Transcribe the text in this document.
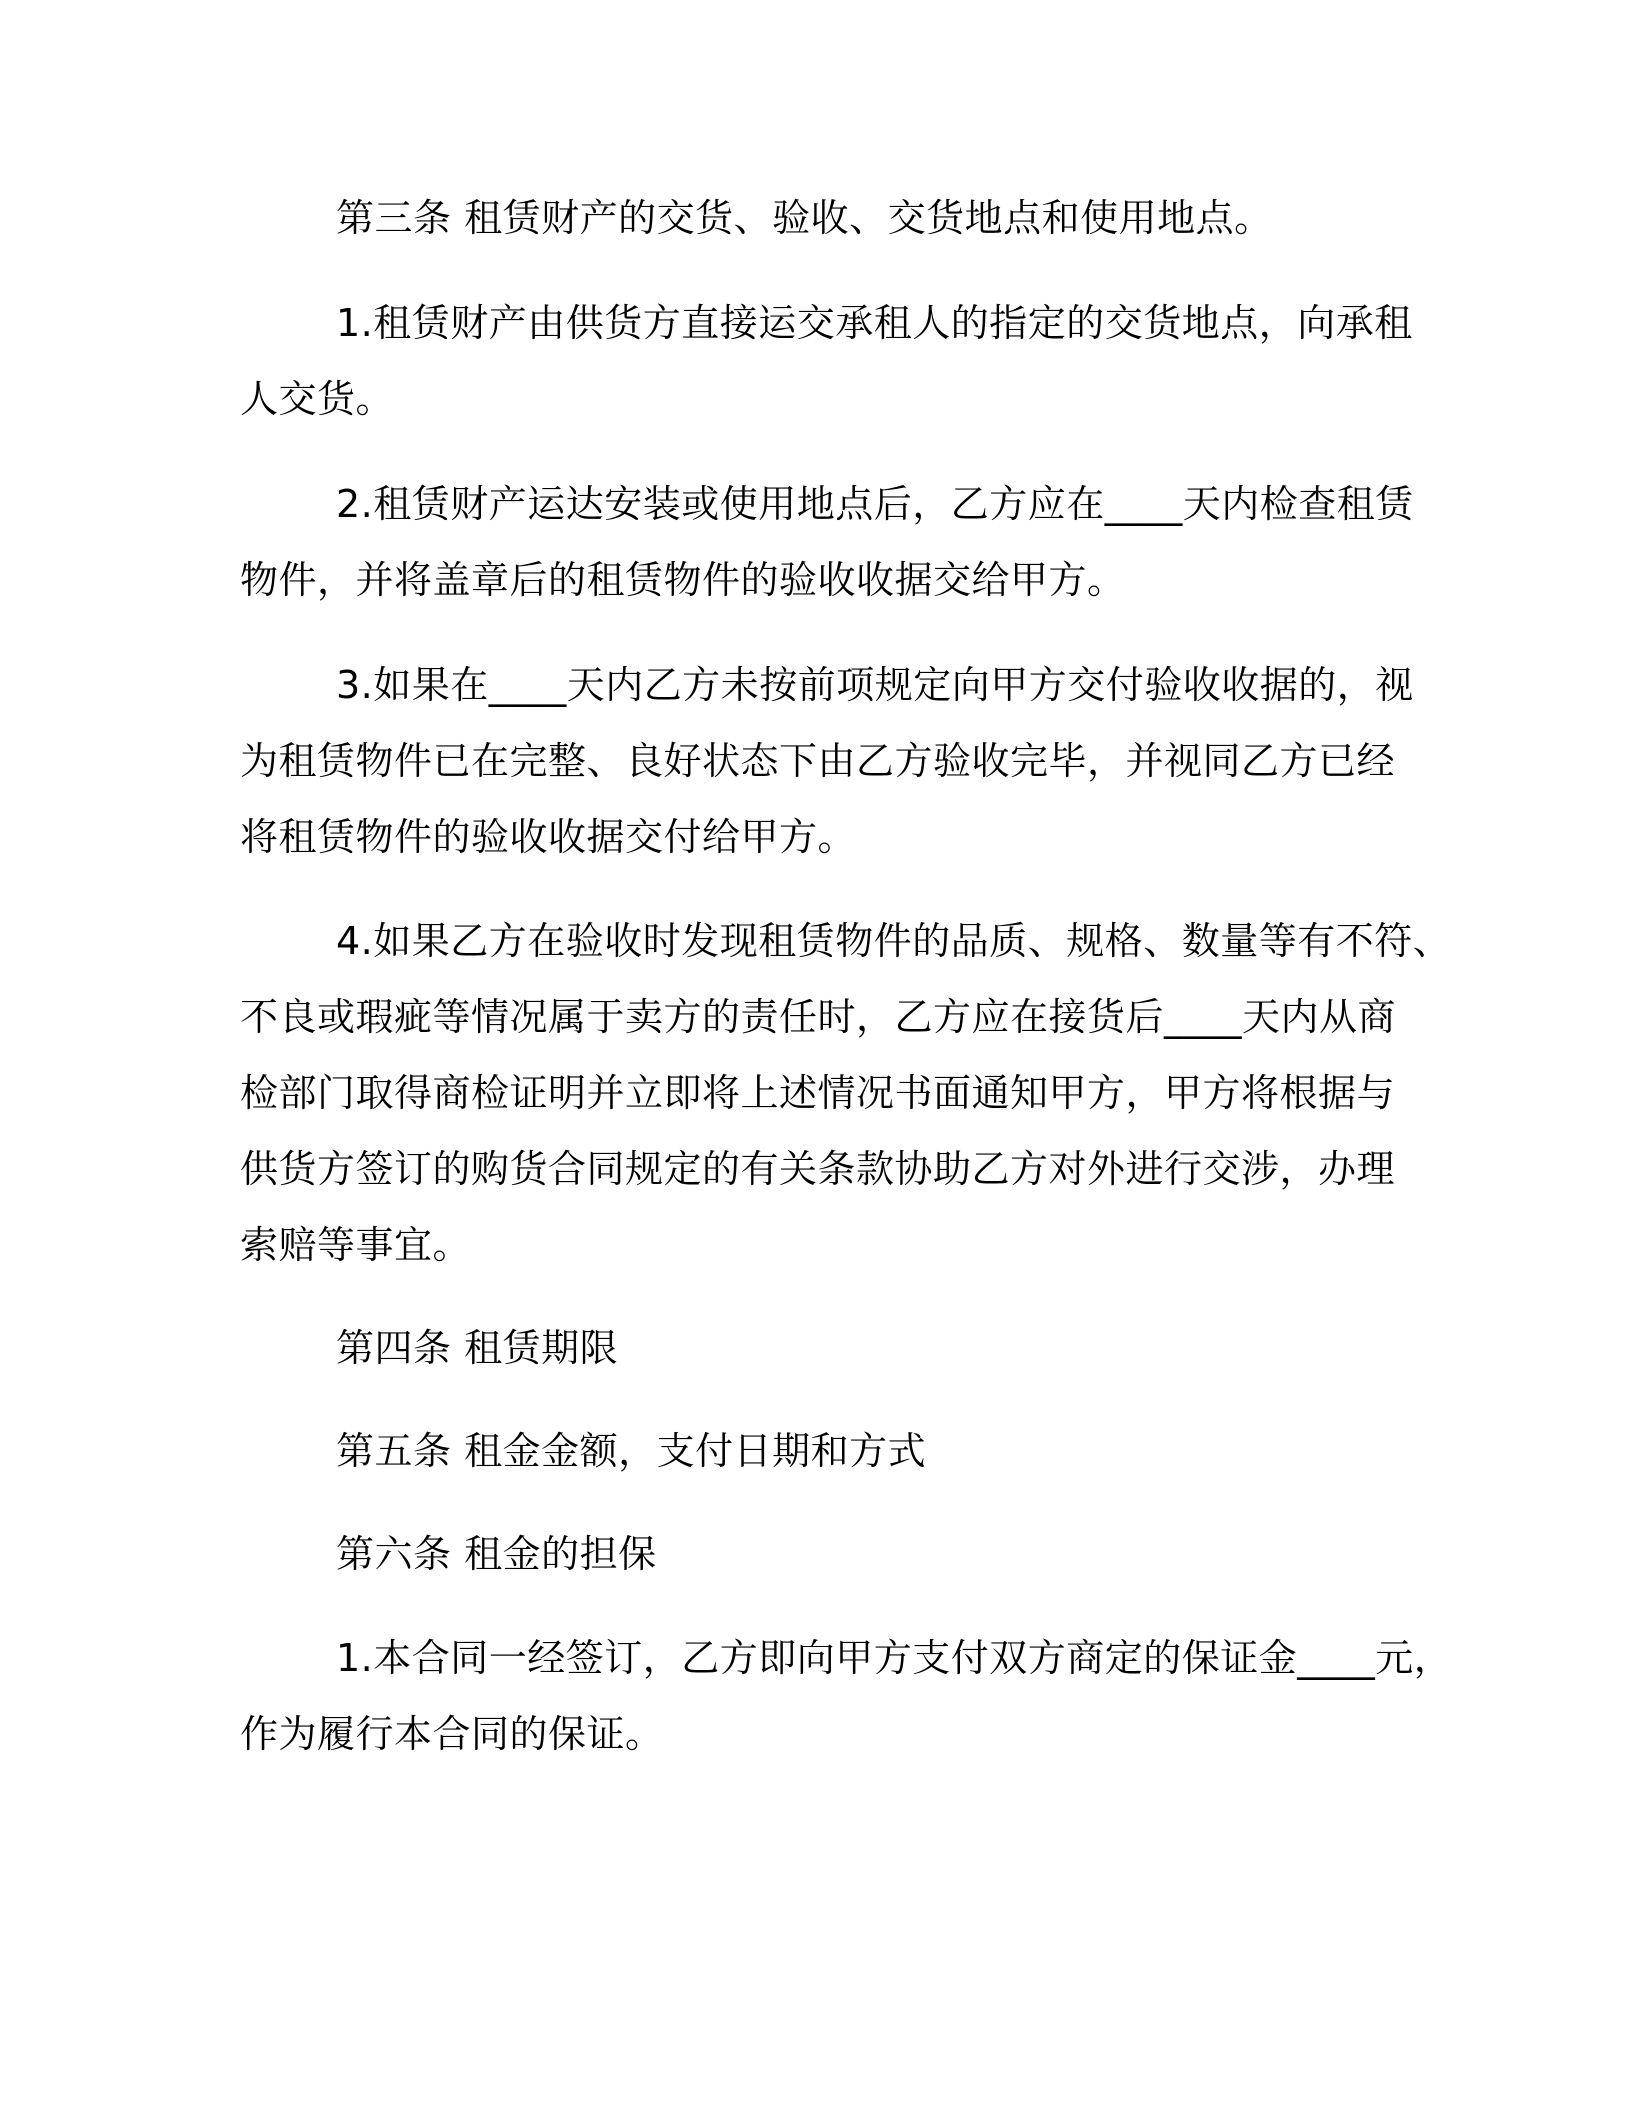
第三条 租赁财产的交货、验收、交货地点和使用地点。

1.租赁财产由供货方直接运交承租人的指定的交货地点，向承租
人交货。

2.租赁财产运达安装或使用地点后，乙方应在____天内检查租赁
物件，并将盖章后的租赁物件的验收收据交给甲方。

3.如果在____天内乙方未按前项规定向甲方交付验收收据的，视
为租赁物件已在完整、良好状态下由乙方验收完毕，并视同乙方已经
将租赁物件的验收收据交付给甲方。

4.如果乙方在验收时发现租赁物件的品质、规格、数量等有不符、
不良或瑕疵等情况属于卖方的责任时，乙方应在接货后____天内从商
检部门取得商检证明并立即将上述情况书面通知甲方，甲方将根据与
供货方签订的购货合同规定的有关条款协助乙方对外进行交涉，办理
索赔等事宜。

第四条 租赁期限

第五条 租金金额，支付日期和方式

第六条 租金的担保

1.本合同一经签订，乙方即向甲方支付双方商定的保证金____元，
作为履行本合同的保证。
